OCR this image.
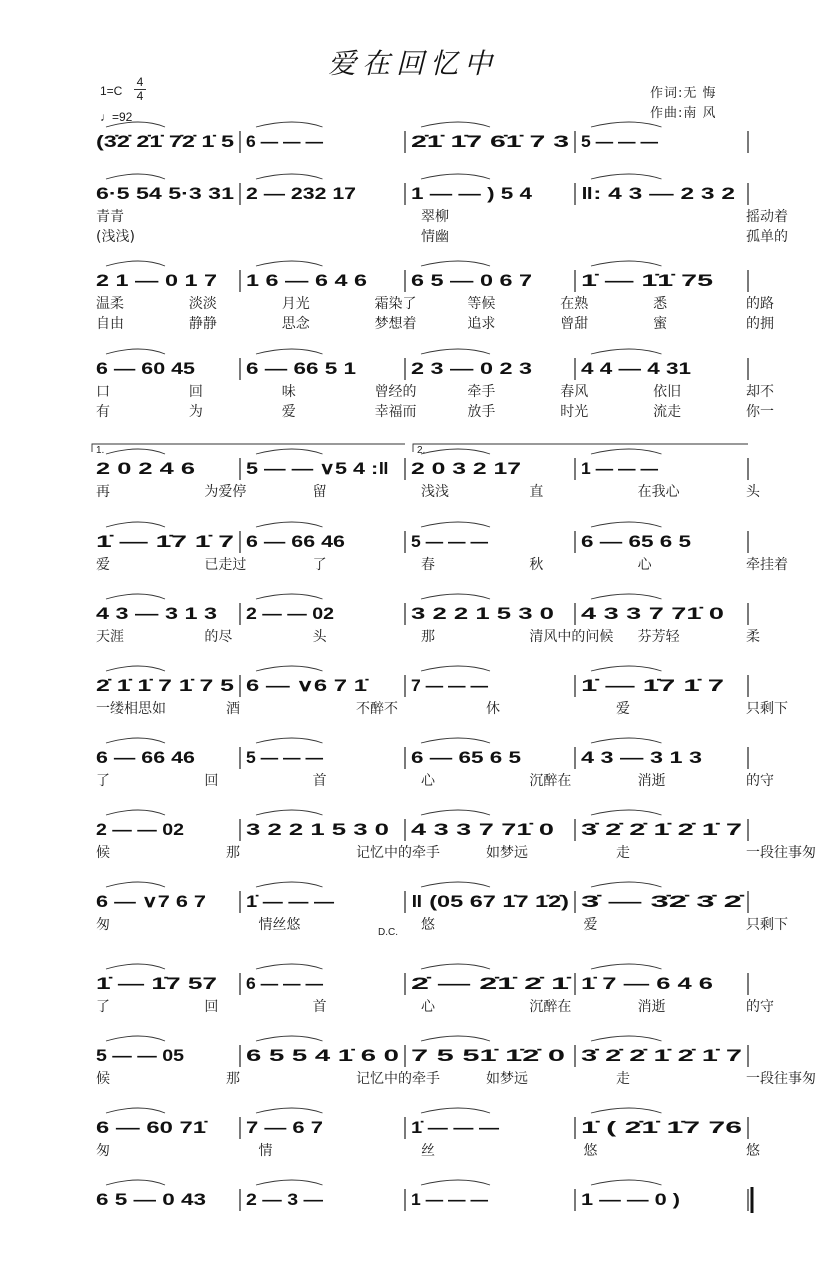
爱在回忆中
1=C
4
4
♩=92
作词:无 悔
作曲:南 风
(3̇2̇ 2̇1̇ 7̇2̇ 1̇ 5 6 — — —	2̇1̇ 1̇7 6̇1̇ 7 3 5 — — —
6·5 54 5·3 31 2 — 232 17	1 — — ) 5 4	‖: 4 3 — 2 3 2
青青	翠柳	摇动着
(浅浅)	情幽	孤单的
2 1 — 0 1 7 1 6 — 6 4 6	6 5 — 0 6 7	1̇ — 1̇1̇ 75
温柔	淡淡	月光	霜染了	等候	在熟	悉	的路
自由	静静	思念	梦想着	追求	曾甜	蜜	的拥
6 — 60 45	6 — 66 5 1	2 3 — 0 2 3	4 4 — 4 31
口	回	味	曾经的	牵手	春风	依旧	却不
有	为	爱	幸福而	放手	时光	流走	你一
2 0 2 4 6	5 — — ∨5 4 :‖ 2 0 3 2 17	1 — — —
1.	2.
再	为爱停	留	浅浅	直	在我心	头
1̇ — 1̇7 1̇ 7 6 — 66 46	5 — — —	6 — 65 6 5
爱	已走过	了	春	秋	心	牵挂着
4 3 — 3 1 3 2 — — 02	3 2 2 1 5 3 0 4 3 3 7 71̇ 0
天涯	的尽	头	那	清风中的问候 芬芳轻	柔
2̇ 1̇ 1̇ 7 1̇ 7 5 6 — ∨6 7 1̇ 7 — — —	1̇ — 1̇7 1̇ 7
一缕相思如	酒	不醉不	休	爱	只剩下
6 — 66 46	5 — — —	6 — 65 6 5	4 3 — 3 1 3
了	回	首	心	沉醉在	消逝	的守
2 — — 02	3 2 2 1 5 3 0 4 3 3 7 71̇ 0 3̇ 2̇ 2̇ 1̇ 2̇ 1̇ 7
候	那	记忆中的牵手	如梦远	走	一段往事匆
6 — ∨7 6 7 1̇ — — —	‖ (05 67 1̇7 1̇2̇) 3̇ — 3̇2̇ 3̇ 2̇
D.C.
匆	情丝悠	悠	爱	只剩下
1̇ — 1̇7 57 6 — — —	2̇ — 2̇1̇ 2̇ 1̇ 1̇ 7 — 6 4 6
了	回	首	心	沉醉在	消逝	的守
5 — — 05	6 5 5 4 1̇ 6 0 7 5 51̇ 1̇2̇ 0 3̇ 2̇ 2̇ 1̇ 2̇ 1̇ 7
候	那	记忆中的牵手	如梦远	走	一段往事匆
6 — 60 71̇ 7 — 6 7	1̇ — — —	1̇ ( 2̇1̇ 1̇7 76
匆	情	丝	悠	悠
6 5 — 0 43 2 — 3 —	1 — — —	1 — — 0 )
